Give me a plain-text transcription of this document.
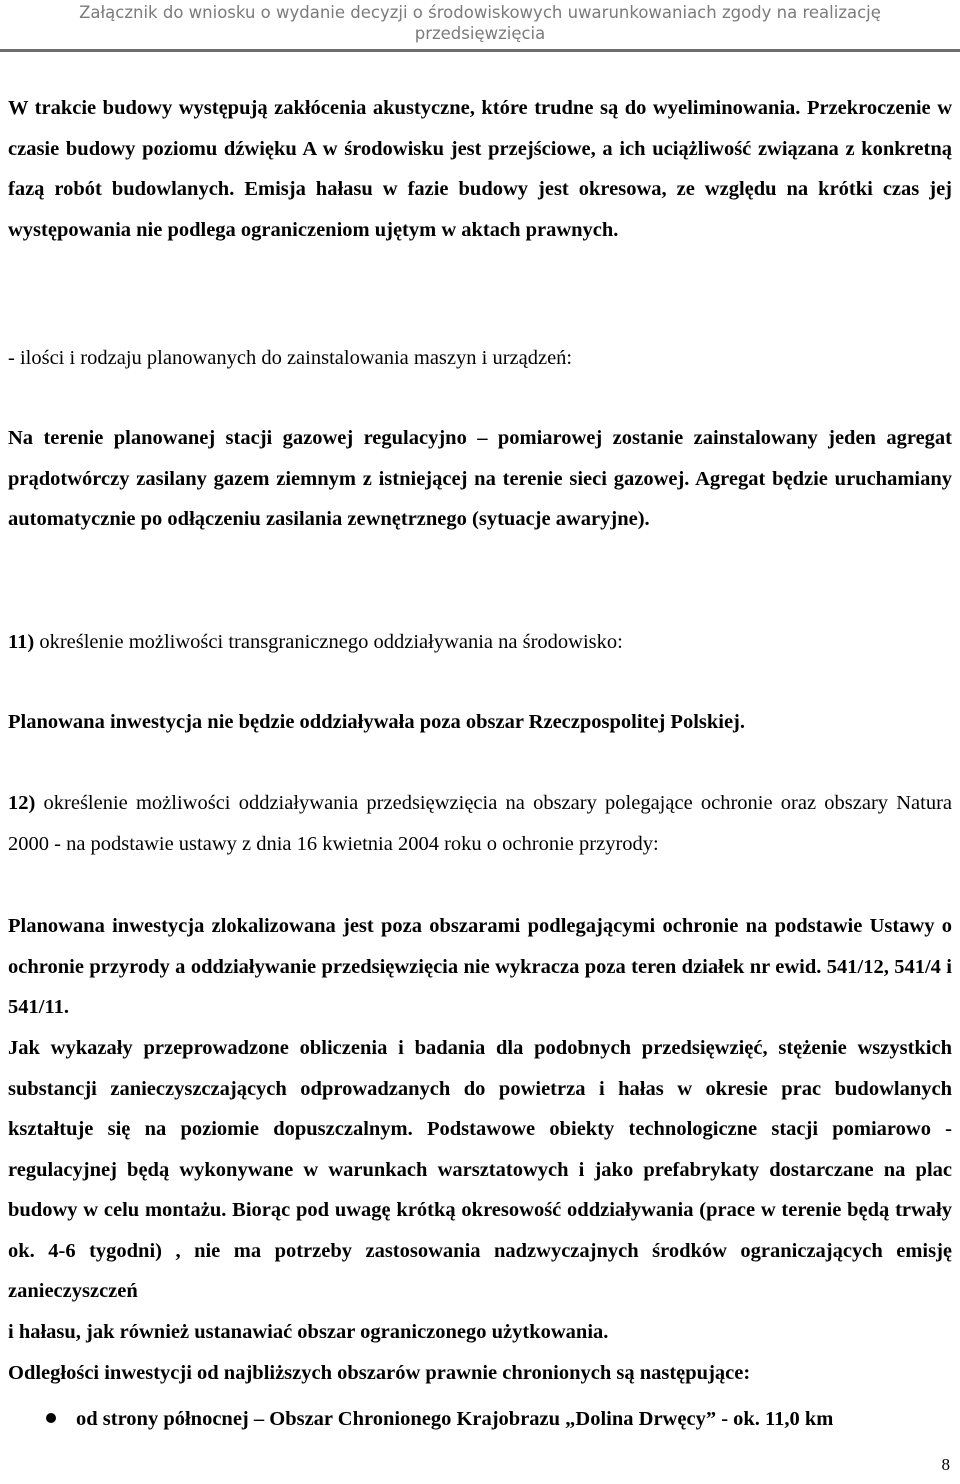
Załącznik do wniosku o wydanie decyzji o środowiskowych uwarunkowaniach zgody na realizację
przedsięwzięcia
W trakcie budowy występują zakłócenia akustyczne, które trudne są do wyeliminowania. Przekroczenie w czasie budowy poziomu dźwięku A w środowisku jest przejściowe, a ich uciążliwość związana z konkretną fazą robót budowlanych. Emisja hałasu w fazie budowy jest okresowa, ze względu na krótki czas jej występowania nie podlega ograniczeniom ujętym w aktach prawnych.
- ilości i rodzaju planowanych do zainstalowania maszyn i urządzeń:
Na terenie planowanej stacji gazowej regulacyjno – pomiarowej zostanie zainstalowany jeden agregat prądotwórczy zasilany gazem ziemnym z istniejącej na terenie sieci gazowej. Agregat będzie uruchamiany automatycznie po odłączeniu zasilania zewnętrznego (sytuacje awaryjne).
11) określenie możliwości transgranicznego oddziaływania na środowisko:
Planowana inwestycja nie będzie oddziaływała poza obszar Rzeczpospolitej Polskiej.
12) określenie możliwości oddziaływania przedsięwzięcia na obszary polegające ochronie oraz obszary Natura 2000 - na podstawie ustawy z dnia 16 kwietnia 2004 roku o ochronie przyrody:
Planowana inwestycja zlokalizowana jest poza obszarami podlegającymi ochronie na podstawie Ustawy o ochronie przyrody a oddziaływanie przedsięwzięcia nie wykracza poza teren działek nr ewid. 541/12, 541/4 i 541/11.
Jak wykazały przeprowadzone obliczenia i badania dla podobnych przedsięwzięć, stężenie wszystkich substancji zanieczyszczających odprowadzanych do powietrza i hałas w okresie prac budowlanych kształtuje się na poziomie dopuszczalnym. Podstawowe obiekty technologiczne stacji pomiarowo - regulacyjnej będą wykonywane w warunkach warsztatowych i jako prefabrykaty dostarczane na plac budowy w celu montażu. Biorąc pod uwagę krótką okresowość oddziaływania (prace w terenie będą trwały ok. 4-6 tygodni) , nie ma potrzeby zastosowania nadzwyczajnych środków ograniczających emisję zanieczyszczeń
i hałasu, jak również ustanawiać obszar ograniczonego użytkowania.
Odległości inwestycji od najbliższych obszarów prawnie chronionych są następujące:
od strony północnej – Obszar Chronionego Krajobrazu „Dolina Drwęcy” - ok. 11,0 km
8
